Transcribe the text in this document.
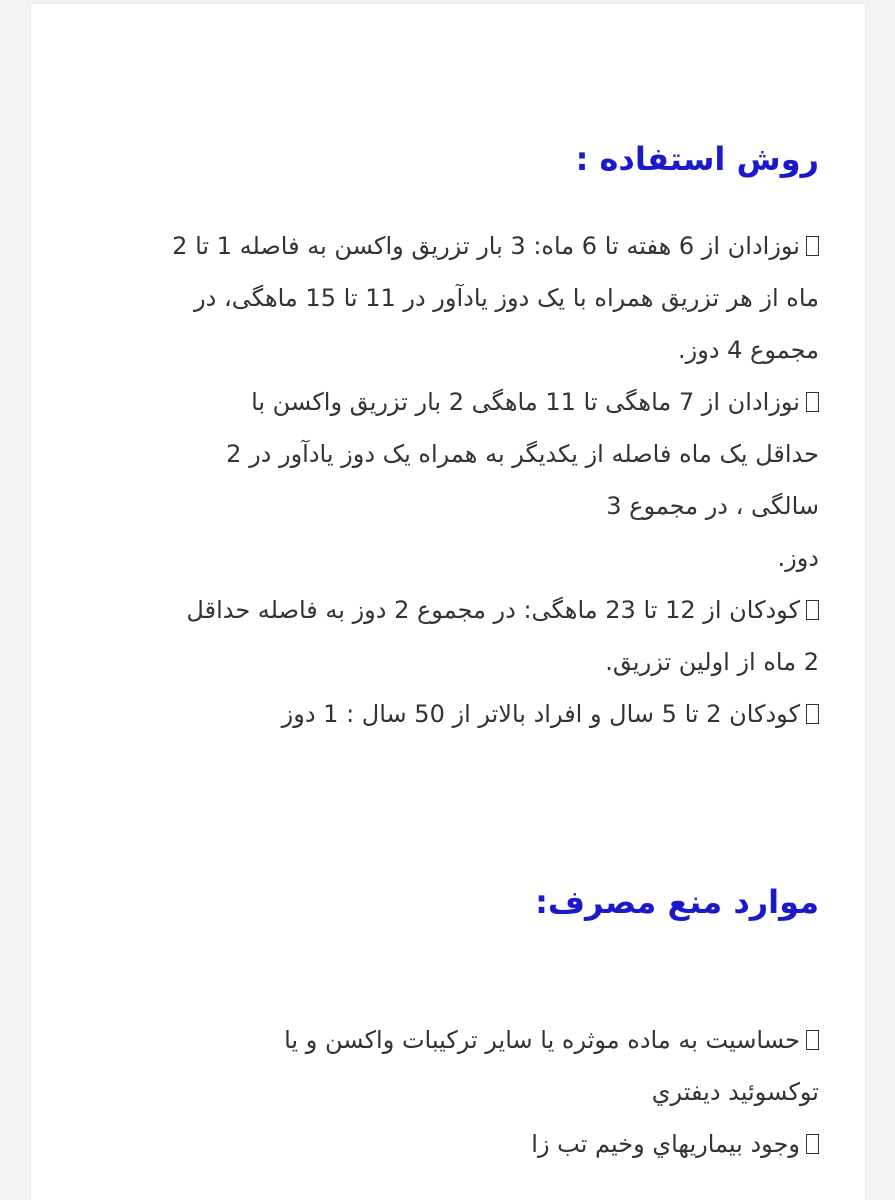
روش استفاده :

نوزادان از 6 هفته تا 6 ماه: 3 بار تزریق واکسن به فاصله 1 تا 2
ماه از هر تزریق همراه با یک دوز یادآور در 11 تا 15 ماهگی، در
مجموع 4 دوز.

نوزادان از 7 ماهگی تا 11 ماهگی 2 بار تزریق واکسن با
حداقل یک ماه فاصله از یکدیگر به همراه یک دوز یادآور در 2
سالگی ، در مجموع 3
دوز.

کودکان از 12 تا 23 ماهگی: در مجموع 2 دوز به فاصله حداقل
2 ماه از اولین تزریق.

کودکان 2 تا 5 سال و افراد بالاتر از 50 سال : 1 دوز

موارد منع مصرف:

حساسیت به ماده موثره یا سایر ترکیبات واکسن و یا
توکسوئید دیفتري

وجود بیماریهاي وخیم تب زا
